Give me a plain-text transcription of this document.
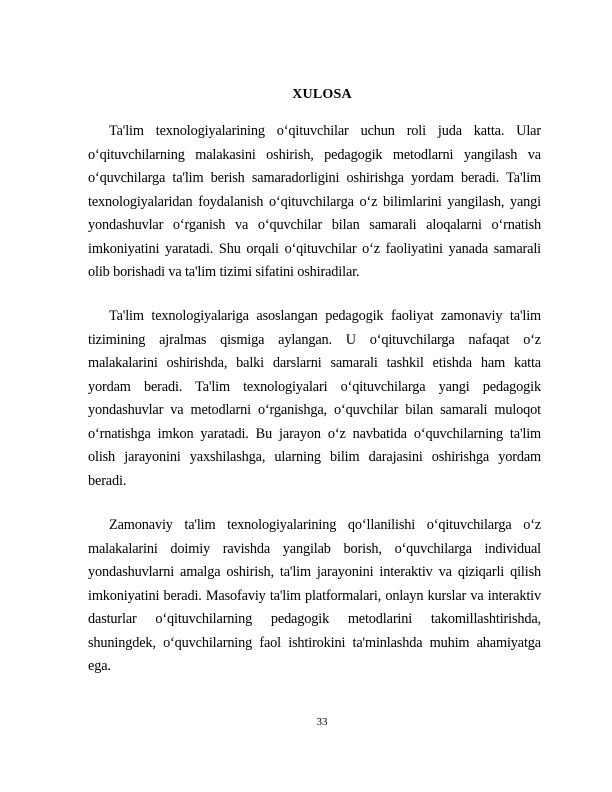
XULOSA

Ta'lim texnologiyalarining o‘qituvchilar uchun roli juda katta. Ular o‘qituvchilarning malakasini oshirish, pedagogik metodlarni yangilash va o‘quvchilarga ta'lim berish samaradorligini oshirishga yordam beradi. Ta'lim texnologiyalaridan foydalanish o‘qituvchilarga o‘z bilimlarini yangilash, yangi yondashuvlar o‘rganish va o‘quvchilar bilan samarali aloqalarni o‘rnatish imkoniyatini yaratadi. Shu orqali o‘qituvchilar o‘z faoliyatini yanada samarali olib borishadi va ta'lim tizimi sifatini oshiradilar.

Ta'lim texnologiyalariga asoslangan pedagogik faoliyat zamonaviy ta'lim tizimining ajralmas qismiga aylangan. U o‘qituvchilarga nafaqat o‘z malakalarini oshirishda, balki darslarni samarali tashkil etishda ham katta yordam beradi. Ta'lim texnologiyalari o‘qituvchilarga yangi pedagogik yondashuvlar va metodlarni o‘rganishga, o‘quvchilar bilan samarali muloqot o‘rnatishga imkon yaratadi. Bu jarayon o‘z navbatida o‘quvchilarning ta'lim olish jarayonini yaxshilashga, ularning bilim darajasini oshirishga yordam beradi.

Zamonaviy ta'lim texnologiyalarining qo‘llanilishi o‘qituvchilarga o‘z malakalarini doimiy ravishda yangilab borish, o‘quvchilarga individual yondashuvlarni amalga oshirish, ta'lim jarayonini interaktiv va qiziqarli qilish imkoniyatini beradi. Masofaviy ta'lim platformalari, onlayn kurslar va interaktiv dasturlar o‘qituvchilarning pedagogik metodlarini takomillashtirishda, shuningdek, o‘quvchilarning faol ishtirokini ta'minlashda muhim ahamiyatga ega.

33
